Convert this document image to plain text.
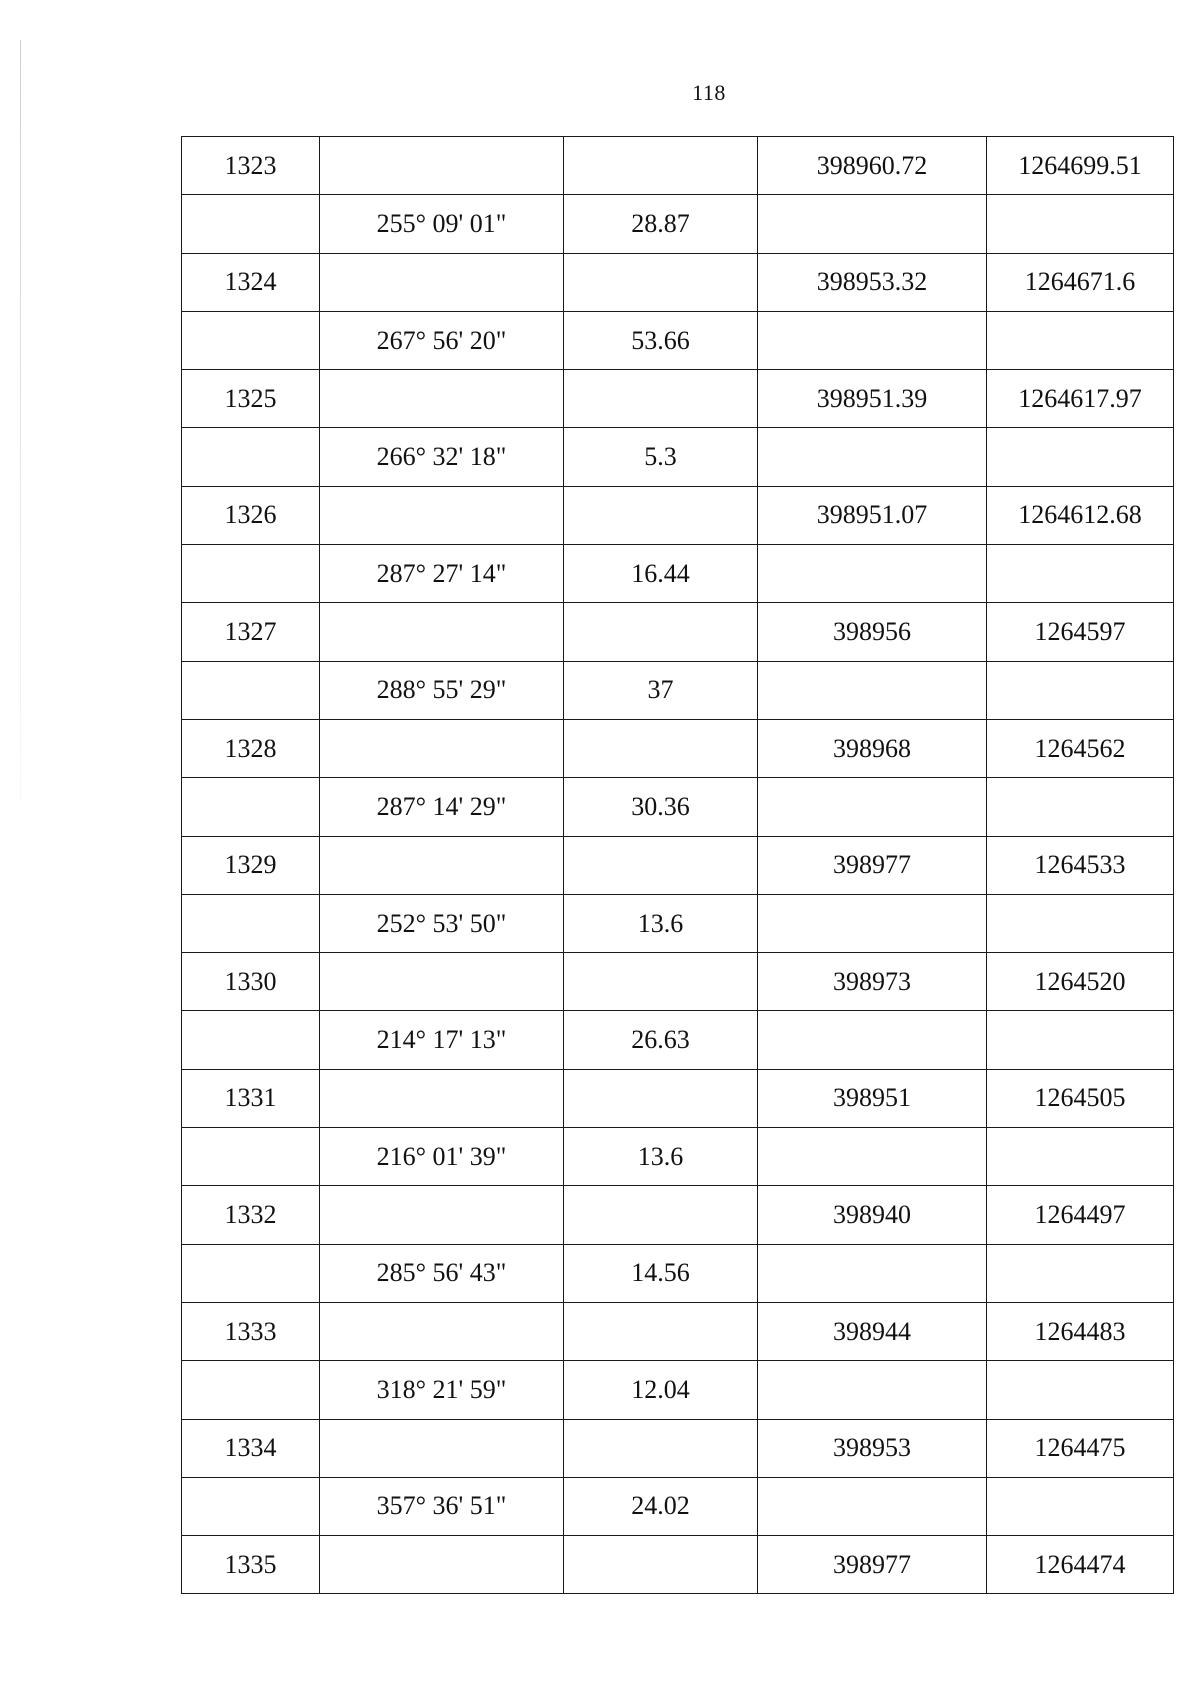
118
1323			398960.72	1264699.51
	255° 09' 01"	28.87		
1324			398953.32	1264671.6
	267° 56' 20"	53.66		
1325			398951.39	1264617.97
	266° 32' 18"	5.3		
1326			398951.07	1264612.68
	287° 27' 14"	16.44		
1327			398956	1264597
	288° 55' 29"	37		
1328			398968	1264562
	287° 14' 29"	30.36		
1329			398977	1264533
	252° 53' 50"	13.6		
1330			398973	1264520
	214° 17' 13"	26.63		
1331			398951	1264505
	216° 01' 39"	13.6		
1332			398940	1264497
	285° 56' 43"	14.56		
1333			398944	1264483
	318° 21' 59"	12.04		
1334			398953	1264475
	357° 36' 51"	24.02		
1335			398977	1264474
